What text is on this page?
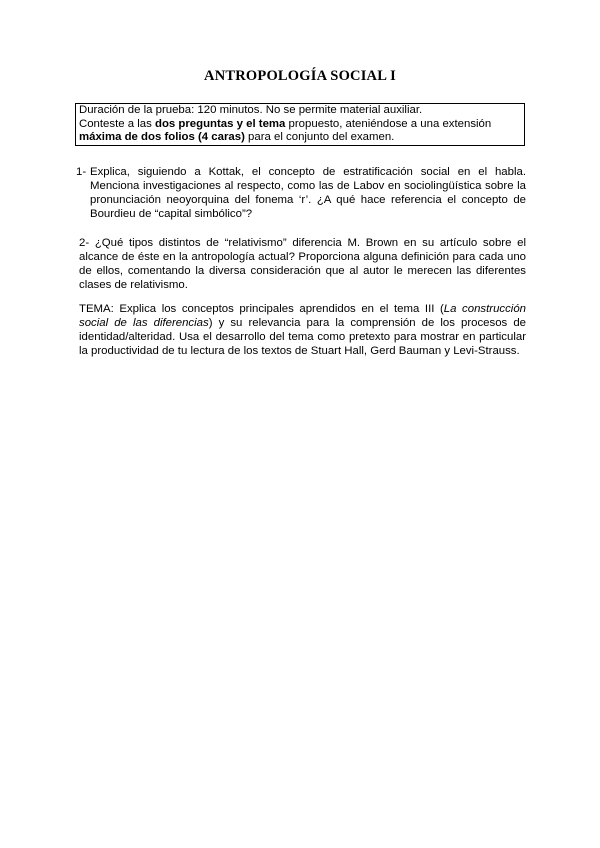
ANTROPOLOGÍA SOCIAL I

Duración de la prueba: 120 minutos. No se permite material auxiliar.

Conteste a las dos preguntas y el tema propuesto, ateniéndose a una extensión máxima de dos folios (4 caras) para el conjunto del examen.

1- Explica, siguiendo a Kottak, el concepto de estratificación social en el habla. Menciona investigaciones al respecto, como las de Labov en sociolingüística sobre la pronunciación neoyorquina del fonema ‘r’. ¿A qué hace referencia el concepto de Bourdieu de “capital simbólico”?

2- ¿Qué tipos distintos de “relativismo” diferencia M. Brown en su artículo sobre el alcance de éste en la antropología actual? Proporciona alguna definición para cada uno de ellos, comentando la diversa consideración que al autor le merecen las diferentes clases de relativismo.

TEMA: Explica los conceptos principales aprendidos en el tema III (La construcción social de las diferencias) y su relevancia para la comprensión de los procesos de identidad/alteridad. Usa el desarrollo del tema como pretexto para mostrar en particular la productividad de tu lectura de los textos de Stuart Hall, Gerd Bauman y Levi-Strauss.
